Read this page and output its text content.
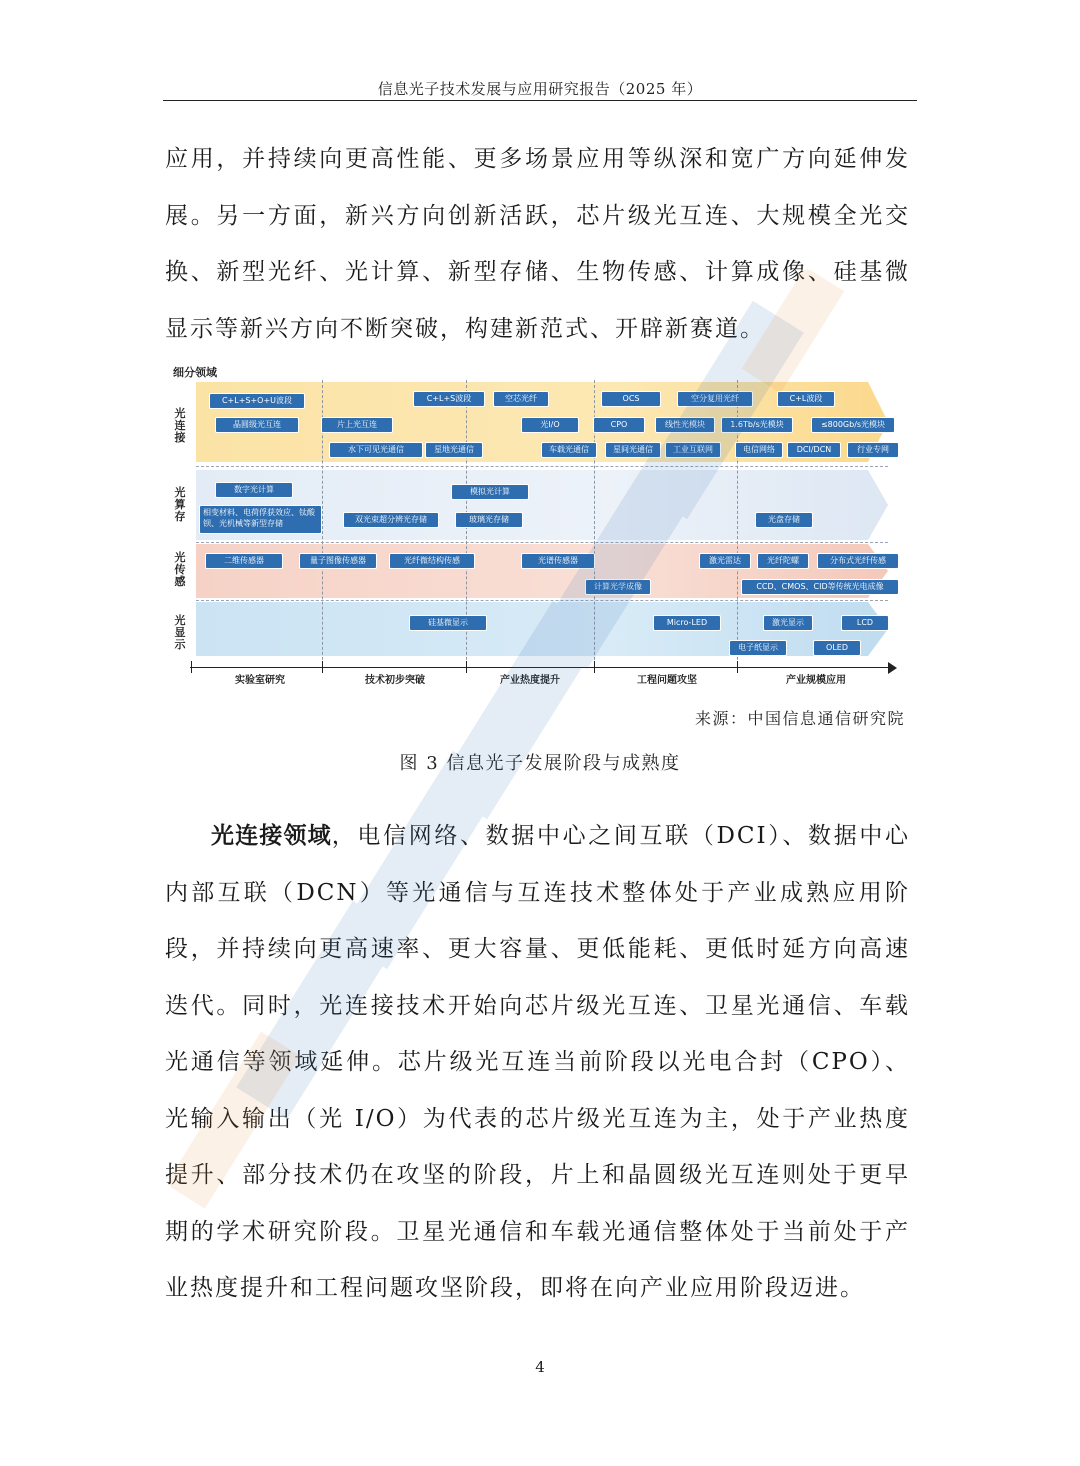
信息光子技术发展与应用研究报告（2025 年）

应用，并持续向更高性能、更多场景应用等纵深和宽广方向延伸发展。另一方面，新兴方向创新活跃，芯片级光互连、大规模全光交换、新型光纤、光计算、新型存储、生物传感、计算成像、硅基微显示等新兴方向不断突破，构建新范式、开辟新赛道。

细分领域
光连接
光算存
光传感
光显示
C+L+S+O+U波段
晶圆级光互连	片上光互连
C+L+S波段	空芯光纤
光I/O
水下可见光通信	星地光通信	车载光通信
OCS	空分复用光纤	C+L波段
CPO	线性光模块	1.6Tb/s光模块	≤800Gb/s光模块
星间光通信	工业互联网	电信网络	DCI/DCN	行业专网
数字光计算	模拟光计算
相变材料、电荷俘获效应、钛酸钡、光机械等新型存储	双光束超分辨光存储	玻璃光存储	光盘存储
二维传感器	量子图像传感器	光纤微结构传感	光谱传感器	激光雷达	光纤陀螺	分布式光纤传感
计算光学成像	CCD、CMOS、CID等传统光电成像
硅基微显示	Micro-LED	激光显示	LCD
电子纸显示	OLED
实验室研究	技术初步突破	产业热度提升	工程问题攻坚	产业规模应用
来源：中国信息通信研究院
图 3 信息光子发展阶段与成熟度

光连接领域，电信网络、数据中心之间互联（DCI）、数据中心内部互联（DCN）等光通信与互连技术整体处于产业成熟应用阶段，并持续向更高速率、更大容量、更低能耗、更低时延方向高速迭代。同时，光连接技术开始向芯片级光互连、卫星光通信、车载光通信等领域延伸。芯片级光互连当前阶段以光电合封（CPO）、光输入输出（光 I/O）为代表的芯片级光互连为主，处于产业热度提升、部分技术仍在攻坚的阶段，片上和晶圆级光互连则处于更早期的学术研究阶段。卫星光通信和车载光通信整体处于当前处于产业热度提升和工程问题攻坚阶段，即将在向产业应用阶段迈进。

4
